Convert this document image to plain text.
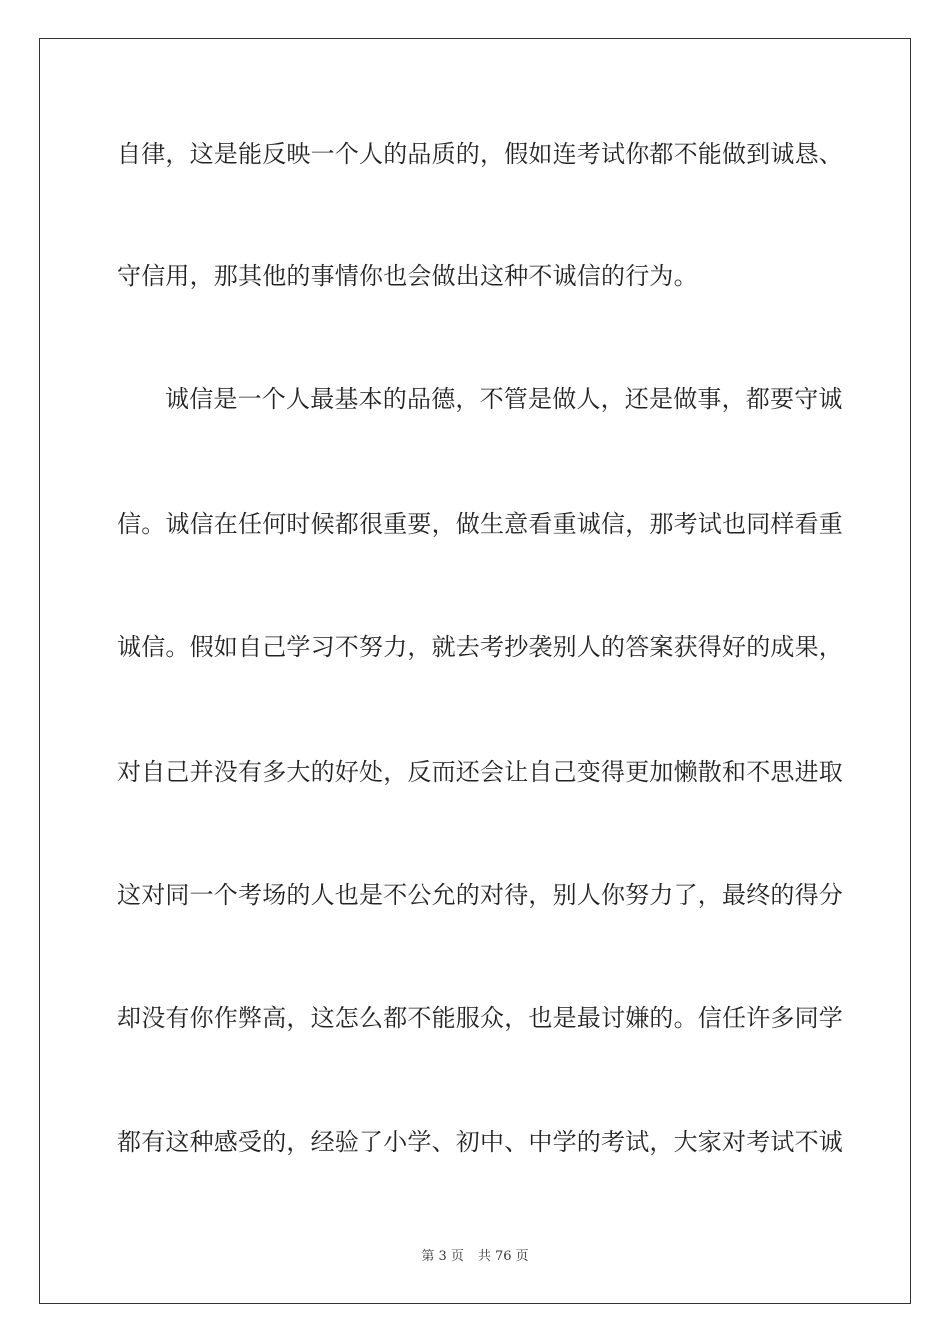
自律，这是能反映一个人的品质的，假如连考试你都不能做到诚恳、
守信用，那其他的事情你也会做出这种不诚信的行为。
诚信是一个人最基本的品德，不管是做人，还是做事，都要守诚
信。诚信在任何时候都很重要，做生意看重诚信，那考试也同样看重
诚信。假如自己学习不努力，就去考抄袭别人的答案获得好的成果，
对自己并没有多大的好处，反而还会让自己变得更加懒散和不思进取
这对同一个考场的人也是不公允的对待，别人你努力了，最终的得分
却没有你作弊高，这怎么都不能服众，也是最讨嫌的。信任许多同学
都有这种感受的，经验了小学、初中、中学的考试，大家对考试不诚
第 3 页 共 76 页
